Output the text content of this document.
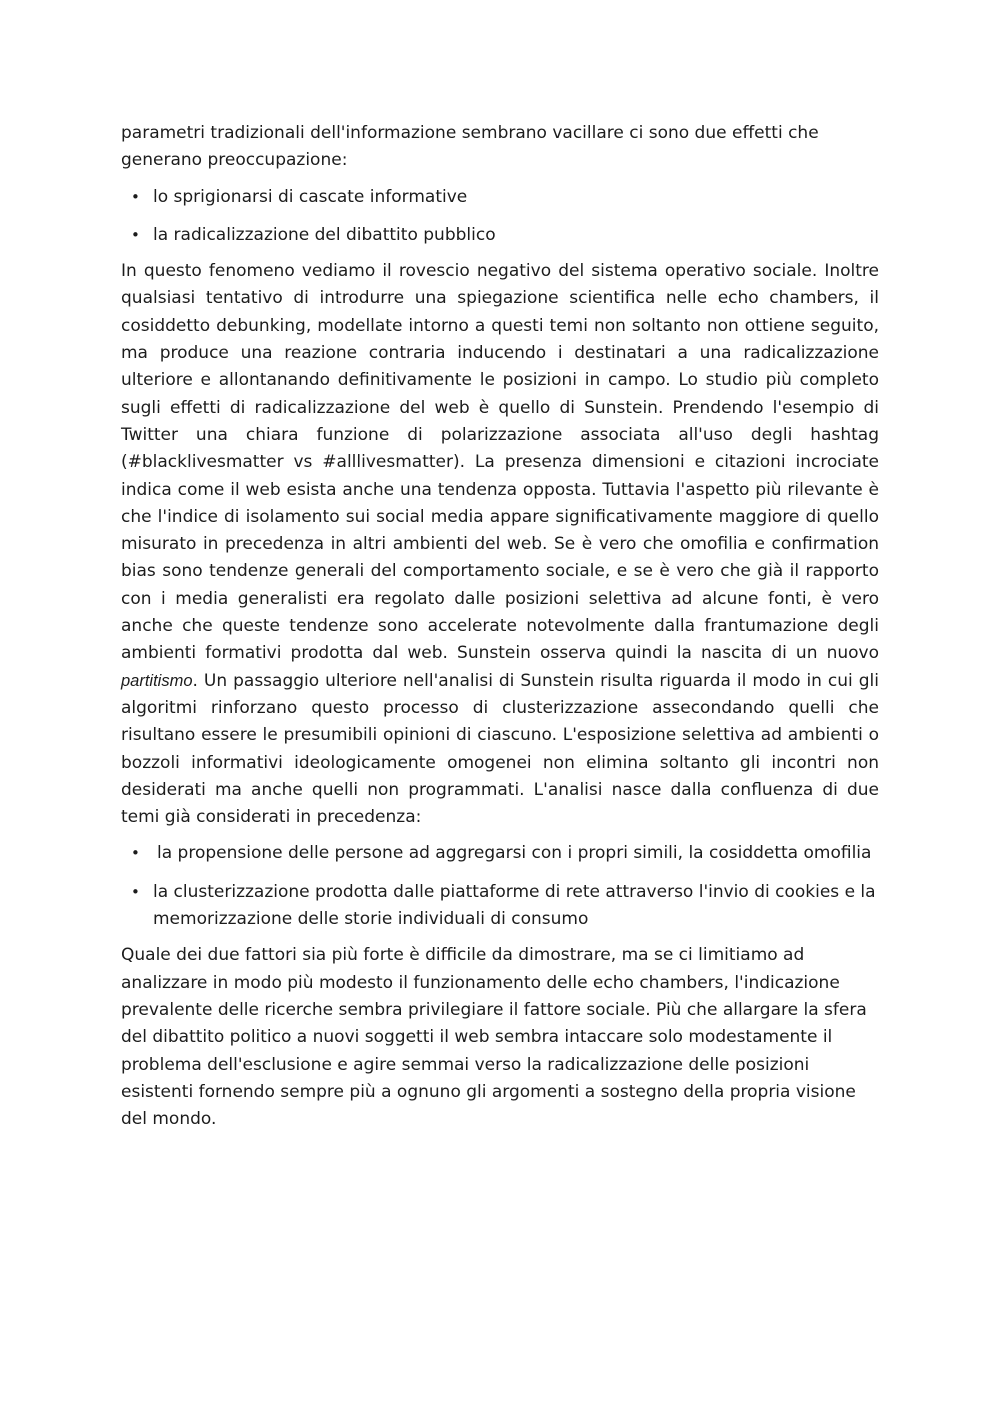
parametri tradizionali dell'informazione sembrano vacillare ci sono due effetti che generano preoccupazione:

• lo sprigionarsi di cascate informative
• la radicalizzazione del dibattito pubblico

In questo fenomeno vediamo il rovescio negativo del sistema operativo sociale. Inoltre qualsiasi tentativo di introdurre una spiegazione scientifica nelle echo chambers, il cosiddetto debunking, modellate intorno a questi temi non soltanto non ottiene seguito, ma produce una reazione contraria inducendo i destinatari a una radicalizzazione ulteriore e allontanando definitivamente le posizioni in campo. Lo studio più completo sugli effetti di radicalizzazione del web è quello di Sunstein. Prendendo l'esempio di Twitter una chiara funzione di polarizzazione associata all'uso degli hashtag (#blacklivesmatter vs #alllivesmatter). La presenza dimensioni e citazioni incrociate indica come il web esista anche una tendenza opposta. Tuttavia l'aspetto più rilevante è che l'indice di isolamento sui social media appare significativamente maggiore di quello misurato in precedenza in altri ambienti del web. Se è vero che omofilia e confirmation bias sono tendenze generali del comportamento sociale, e se è vero che già il rapporto con i media generalisti era regolato dalle posizioni selettiva ad alcune fonti, è vero anche che queste tendenze sono accelerate notevolmente dalla frantumazione degli ambienti formativi prodotta dal web. Sunstein osserva quindi la nascita di un nuovo partitismo. Un passaggio ulteriore nell'analisi di Sunstein risulta riguarda il modo in cui gli algoritmi rinforzano questo processo di clusterizzazione assecondando quelli che risultano essere le presumibili opinioni di ciascuno. L'esposizione selettiva ad ambienti o bozzoli informativi ideologicamente omogenei non elimina soltanto gli incontri non desiderati ma anche quelli non programmati. L'analisi nasce dalla confluenza di due temi già considerati in precedenza:

• la propensione delle persone ad aggregarsi con i propri simili, la cosiddetta omofilia
• la clusterizzazione prodotta dalle piattaforme di rete attraverso l'invio di cookies e la memorizzazione delle storie individuali di consumo

Quale dei due fattori sia più forte è difficile da dimostrare, ma se ci limitiamo ad analizzare in modo più modesto il funzionamento delle echo chambers, l'indicazione prevalente delle ricerche sembra privilegiare il fattore sociale. Più che allargare la sfera del dibattito politico a nuovi soggetti il web sembra intaccare solo modestamente il problema dell'esclusione e agire semmai verso la radicalizzazione delle posizioni esistenti fornendo sempre più a ognuno gli argomenti a sostegno della propria visione del mondo.
